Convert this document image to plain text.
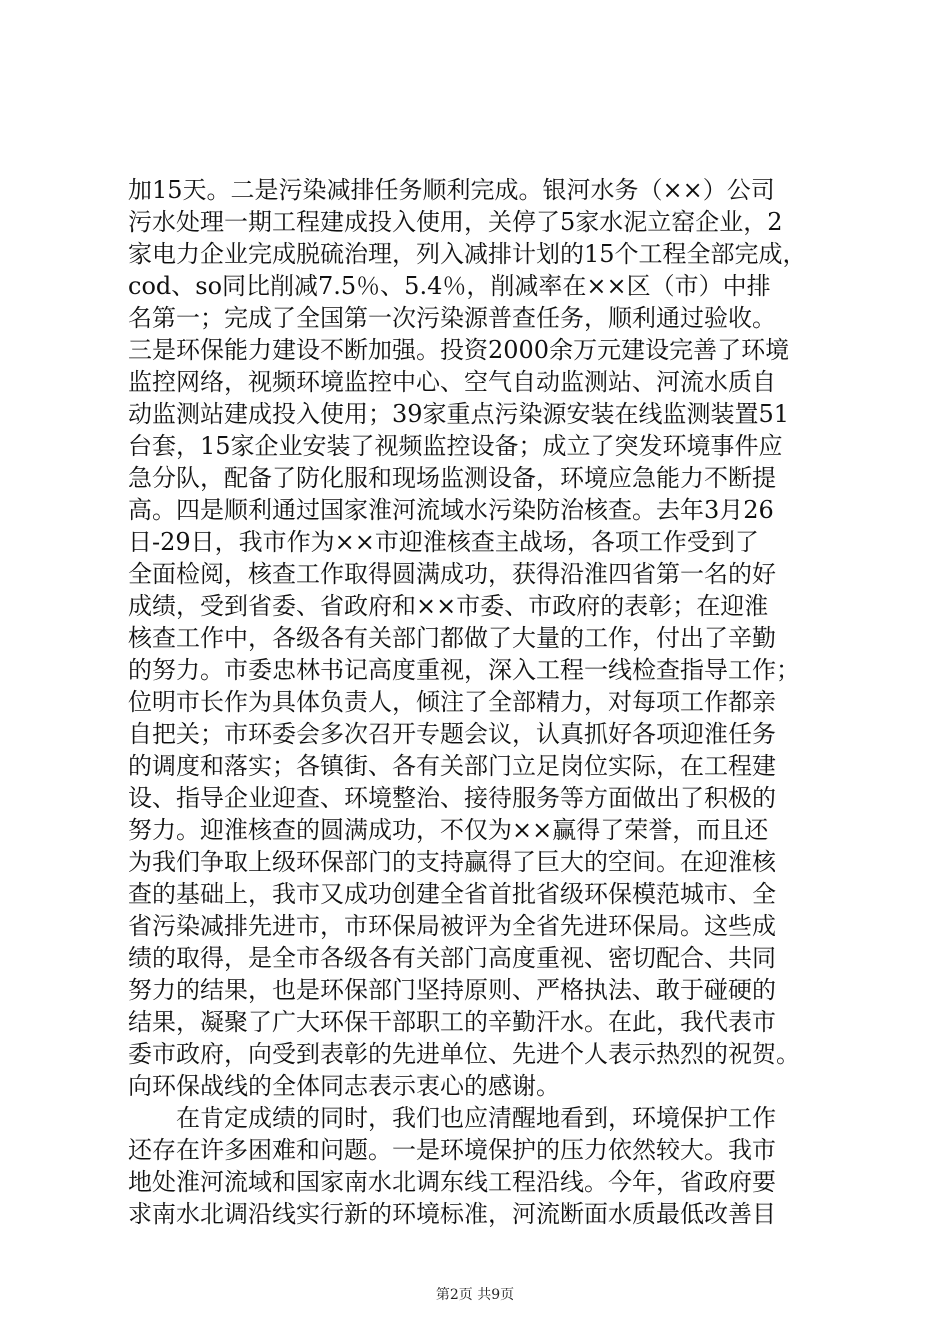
加15天。二是污染减排任务顺利完成。银河水务（××）公司
污水处理一期工程建成投入使用，关停了5家水泥立窑企业，2
家电力企业完成脱硫治理，列入减排计划的15个工程全部完成，
cod、so同比削减7.5％、5.4％，削减率在××区（市）中排
名第一；完成了全国第一次污染源普查任务，顺利通过验收。
三是环保能力建设不断加强。投资2000余万元建设完善了环境
监控网络，视频环境监控中心、空气自动监测站、河流水质自
动监测站建成投入使用；39家重点污染源安装在线监测装置51
台套，15家企业安装了视频监控设备；成立了突发环境事件应
急分队，配备了防化服和现场监测设备，环境应急能力不断提
高。四是顺利通过国家淮河流域水污染防治核查。去年3月26
日-29日，我市作为××市迎淮核查主战场，各项工作受到了
全面检阅，核查工作取得圆满成功，获得沿淮四省第一名的好
成绩，受到省委、省政府和××市委、市政府的表彰；在迎淮
核查工作中，各级各有关部门都做了大量的工作，付出了辛勤
的努力。市委忠林书记高度重视，深入工程一线检查指导工作；
位明市长作为具体负责人，倾注了全部精力，对每项工作都亲
自把关；市环委会多次召开专题会议，认真抓好各项迎淮任务
的调度和落实；各镇街、各有关部门立足岗位实际，在工程建
设、指导企业迎查、环境整治、接待服务等方面做出了积极的
努力。迎淮核查的圆满成功，不仅为××赢得了荣誉，而且还
为我们争取上级环保部门的支持赢得了巨大的空间。在迎淮核
查的基础上，我市又成功创建全省首批省级环保模范城市、全
省污染减排先进市，市环保局被评为全省先进环保局。这些成
绩的取得，是全市各级各有关部门高度重视、密切配合、共同
努力的结果，也是环保部门坚持原则、严格执法、敢于碰硬的
结果，凝聚了广大环保干部职工的辛勤汗水。在此，我代表市
委市政府，向受到表彰的先进单位、先进个人表示热烈的祝贺。
向环保战线的全体同志表示衷心的感谢。
　　在肯定成绩的同时，我们也应清醒地看到，环境保护工作
还存在许多困难和问题。一是环境保护的压力依然较大。我市
地处淮河流域和国家南水北调东线工程沿线。今年，省政府要
求南水北调沿线实行新的环境标准，河流断面水质最低改善目
第2页 共9页
